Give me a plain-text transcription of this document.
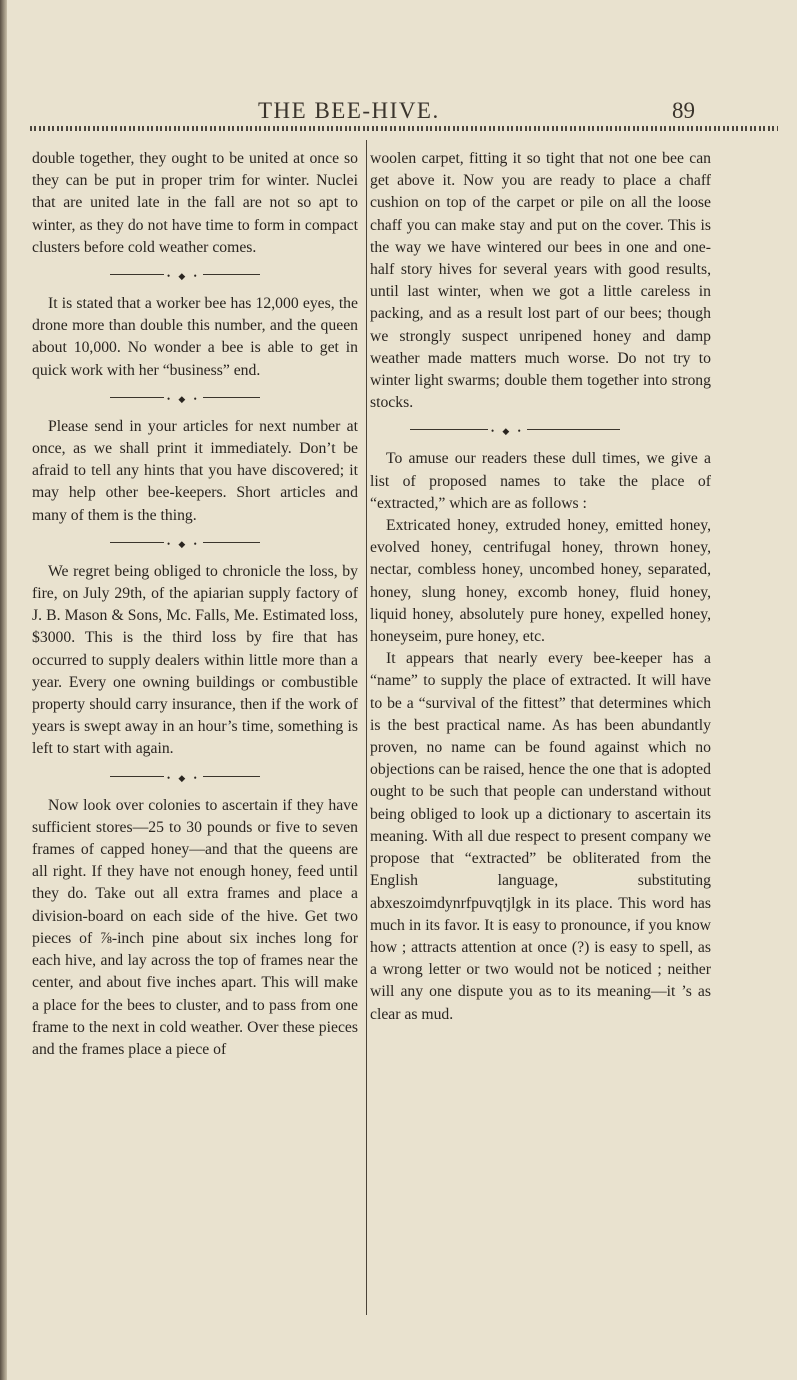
THE BEE-HIVE.	89

double together, they ought to be united at once so they can be put in proper trim for winter. Nuclei that are united late in the fall are not so apt to winter, as they do not have time to form in compact clusters before cold weather comes.

• ◆ •

It is stated that a worker bee has 12,000 eyes, the drone more than double this number, and the queen about 10,000. No wonder a bee is able to get in quick work with her “business” end.

• ◆ •

Please send in your articles for next number at once, as we shall print it immediately. Don’t be afraid to tell any hints that you have discovered; it may help other bee-keepers. Short articles and many of them is the thing.

• ◆ •

We regret being obliged to chronicle the loss, by fire, on July 29th, of the apiarian supply factory of J. B. Mason & Sons, Mc. Falls, Me. Estimated loss, $3000. This is the third loss by fire that has occurred to supply dealers within little more than a year. Every one owning buildings or combustible property should carry insurance, then if the work of years is swept away in an hour’s time, something is left to start with again.

• ◆ •

Now look over colonies to ascertain if they have sufficient stores—25 to 30 pounds or five to seven frames of capped honey—and that the queens are all right. If they have not enough honey, feed until they do. Take out all extra frames and place a division-board on each side of the hive. Get two pieces of ⅞-inch pine about six inches long for each hive, and lay across the top of frames near the center, and about five inches apart. This will make a place for the bees to cluster, and to pass from one frame to the next in cold weather. Over these pieces and the frames place a piece of

woolen carpet, fitting it so tight that not one bee can get above it. Now you are ready to place a chaff cushion on top of the carpet or pile on all the loose chaff you can make stay and put on the cover. This is the way we have wintered our bees in one and one-half story hives for several years with good results, until last winter, when we got a little careless in packing, and as a result lost part of our bees; though we strongly suspect unripened honey and damp weather made matters much worse. Do not try to winter light swarms; double them together into strong stocks.

• ◆ •

To amuse our readers these dull times, we give a list of proposed names to take the place of “extracted,” which are as follows :

Extricated honey, extruded honey, emitted honey, evolved honey, centrifugal honey, thrown honey, nectar, combless honey, uncombed honey, separated, honey, slung honey, excomb honey, fluid honey, liquid honey, absolutely pure honey, expelled honey, honeyseim, pure honey, etc.

It appears that nearly every bee-keeper has a “name” to supply the place of extracted. It will have to be a “survival of the fittest” that determines which is the best practical name. As has been abundantly proven, no name can be found against which no objections can be raised, hence the one that is adopted ought to be such that people can understand without being obliged to look up a dictionary to ascertain its meaning. With all due respect to present company we propose that “extracted” be obliterated from the English language, substituting abxeszoimdynrfpuvqtjlgk in its place. This word has much in its favor. It is easy to pronounce, if you know how ; attracts attention at once (?) is easy to spell, as a wrong letter or two would not be noticed ; neither will any one dispute you as to its meaning—it ’s as clear as mud.
